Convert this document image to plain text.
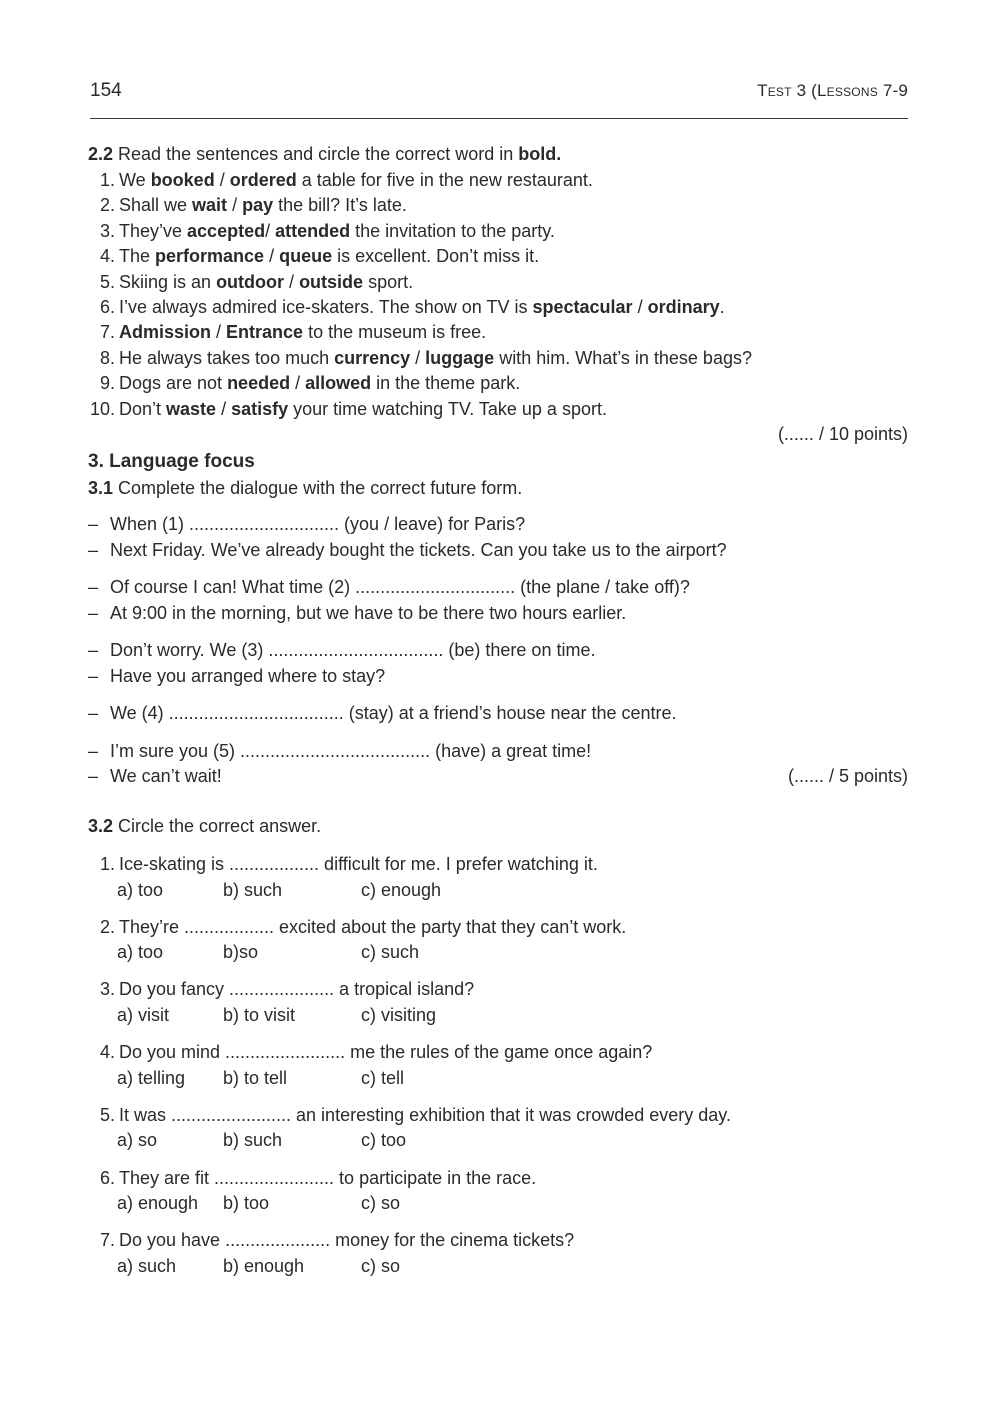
154	Test 3 (Lessons 7-9
2.2 Read the sentences and circle the correct word in bold.
1. We booked / ordered a table for five in the new restaurant.
2. Shall we wait / pay the bill? It’s late.
3. They’ve accepted/ attended the invitation to the party.
4. The performance / queue is excellent. Don’t miss it.
5. Skiing is an outdoor / outside sport.
6. I’ve always admired ice-skaters. The show on TV is spectacular / ordinary.
7. Admission / Entrance to the museum is free.
8. He always takes too much currency / luggage with him. What’s in these bags?
9. Dogs are not needed / allowed in the theme park.
10. Don’t waste / satisfy your time watching TV. Take up a sport.
(...... / 10 points)
3. Language focus
3.1 Complete the dialogue with the correct future form.
– When (1) .............................. (you / leave) for Paris?
– Next Friday. We’ve already bought the tickets. Can you take us to the airport?
– Of course I can! What time (2) ................................ (the plane / take off)?
– At 9:00 in the morning, but we have to be there two hours earlier.
– Don’t worry. We (3) ................................... (be) there on time.
– Have you arranged where to stay?
– We (4) ................................... (stay) at a friend’s house near the centre.
– I’m sure you (5) ...................................... (have) a great time!
– We can’t wait!	(...... / 5 points)
3.2 Circle the correct answer.
1. Ice-skating is .................. difficult for me. I prefer watching it.
a) too	b) such	c) enough
2. They’re .................. excited about the party that they can’t work.
a) too	b)so	c) such
3. Do you fancy ..................... a tropical island?
a) visit	b) to visit	c) visiting
4. Do you mind ........................ me the rules of the game once again?
a) telling b) to tell	c) tell
5. It was ........................ an interesting exhibition that it was crowded every day.
a) so	b) such	c) too
6. They are fit ........................ to participate in the race.
a) enough b) too	c) so
7. Do you have ..................... money for the cinema tickets?
a) such	b) enough	c) so
